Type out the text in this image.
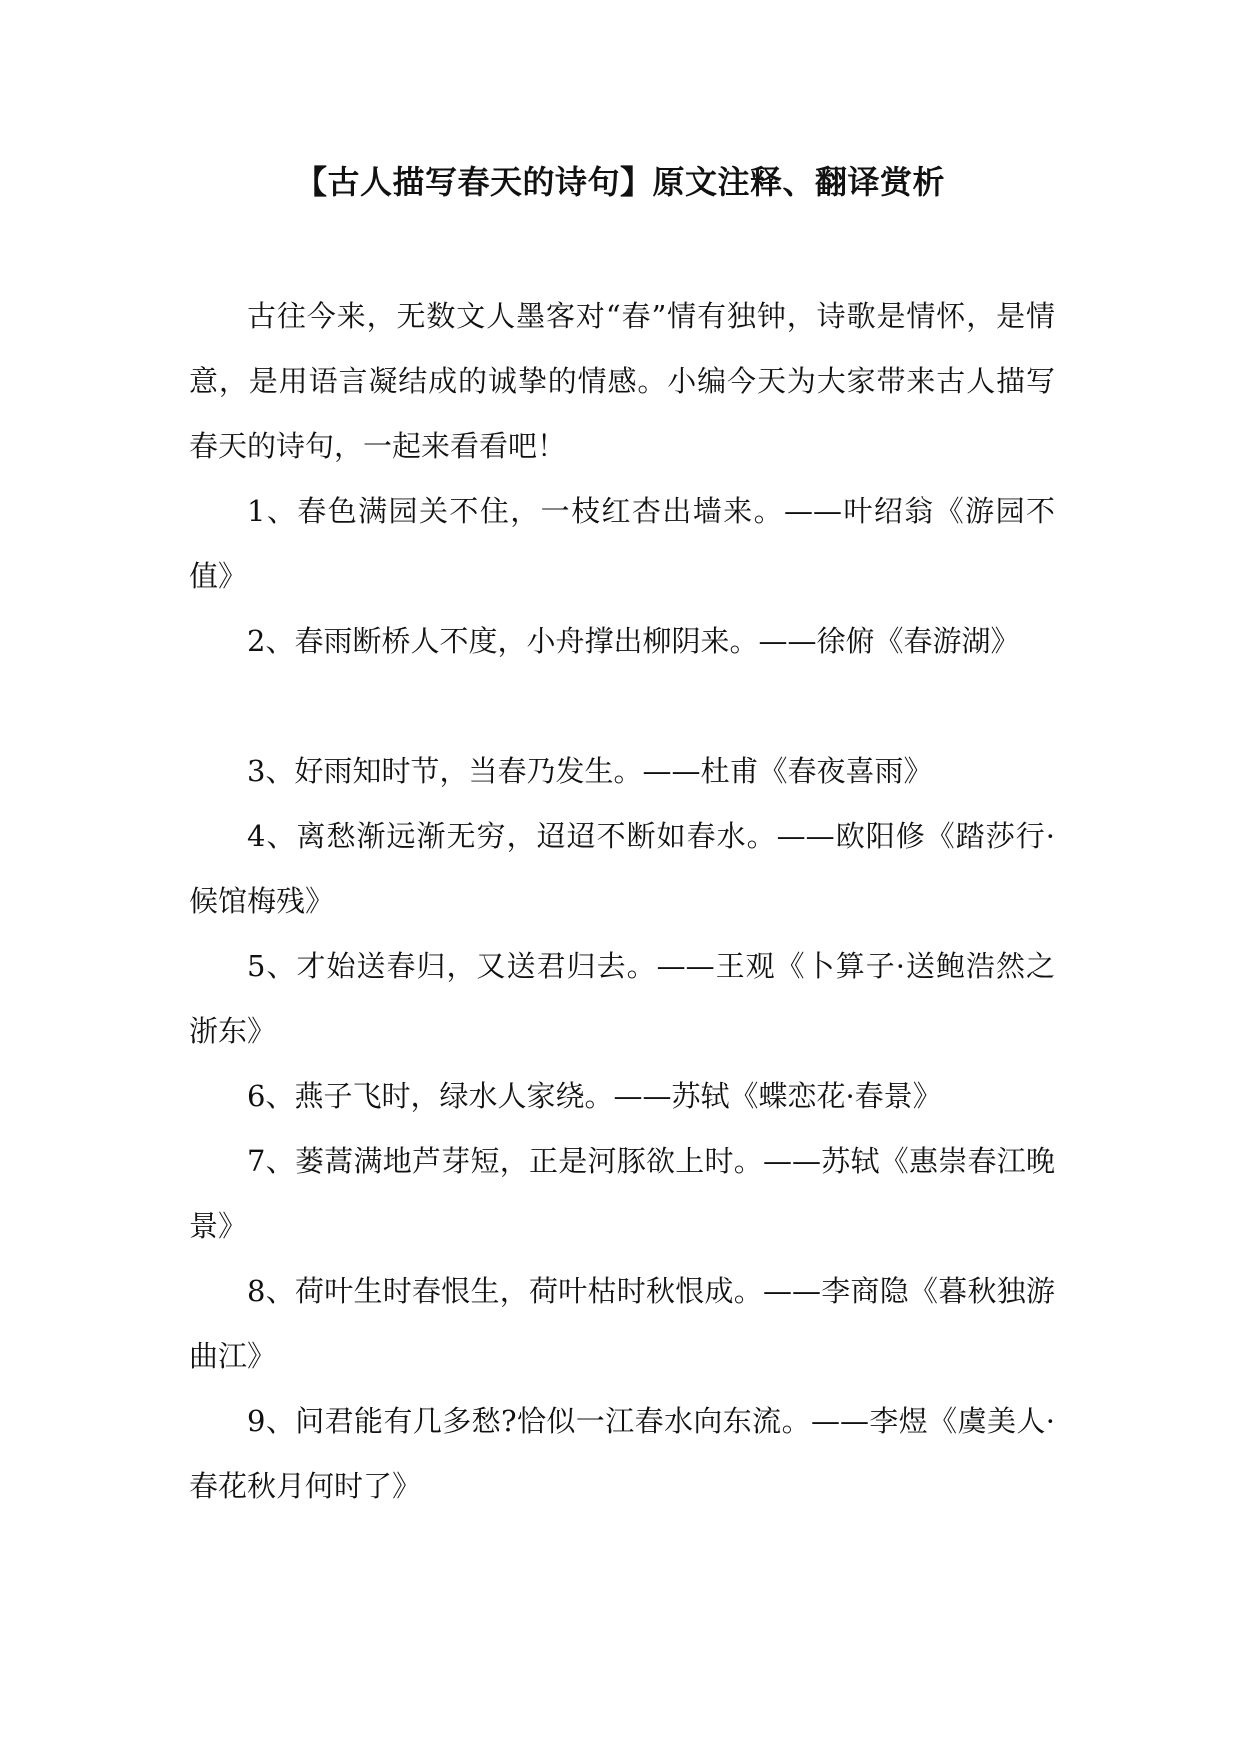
【古人描写春天的诗句】原文注释、翻译赏析

古往今来，无数文人墨客对“春”情有独钟，诗歌是情怀，是情意，是用语言凝结成的诚挚的情感。小编今天为大家带来古人描写春天的诗句，一起来看看吧！

1、春色满园关不住，一枝红杏出墙来。——叶绍翁《游园不值》

2、春雨断桥人不度，小舟撑出柳阴来。——徐俯《春游湖》

3、好雨知时节，当春乃发生。——杜甫《春夜喜雨》

4、离愁渐远渐无穷，迢迢不断如春水。——欧阳修《踏莎行·候馆梅残》

5、才始送春归，又送君归去。——王观《卜算子·送鲍浩然之浙东》

6、燕子飞时，绿水人家绕。——苏轼《蝶恋花·春景》

7、蒌蒿满地芦芽短，正是河豚欲上时。——苏轼《惠崇春江晚景》

8、荷叶生时春恨生，荷叶枯时秋恨成。——李商隐《暮秋独游曲江》

9、问君能有几多愁?恰似一江春水向东流。——李煜《虞美人·春花秋月何时了》
